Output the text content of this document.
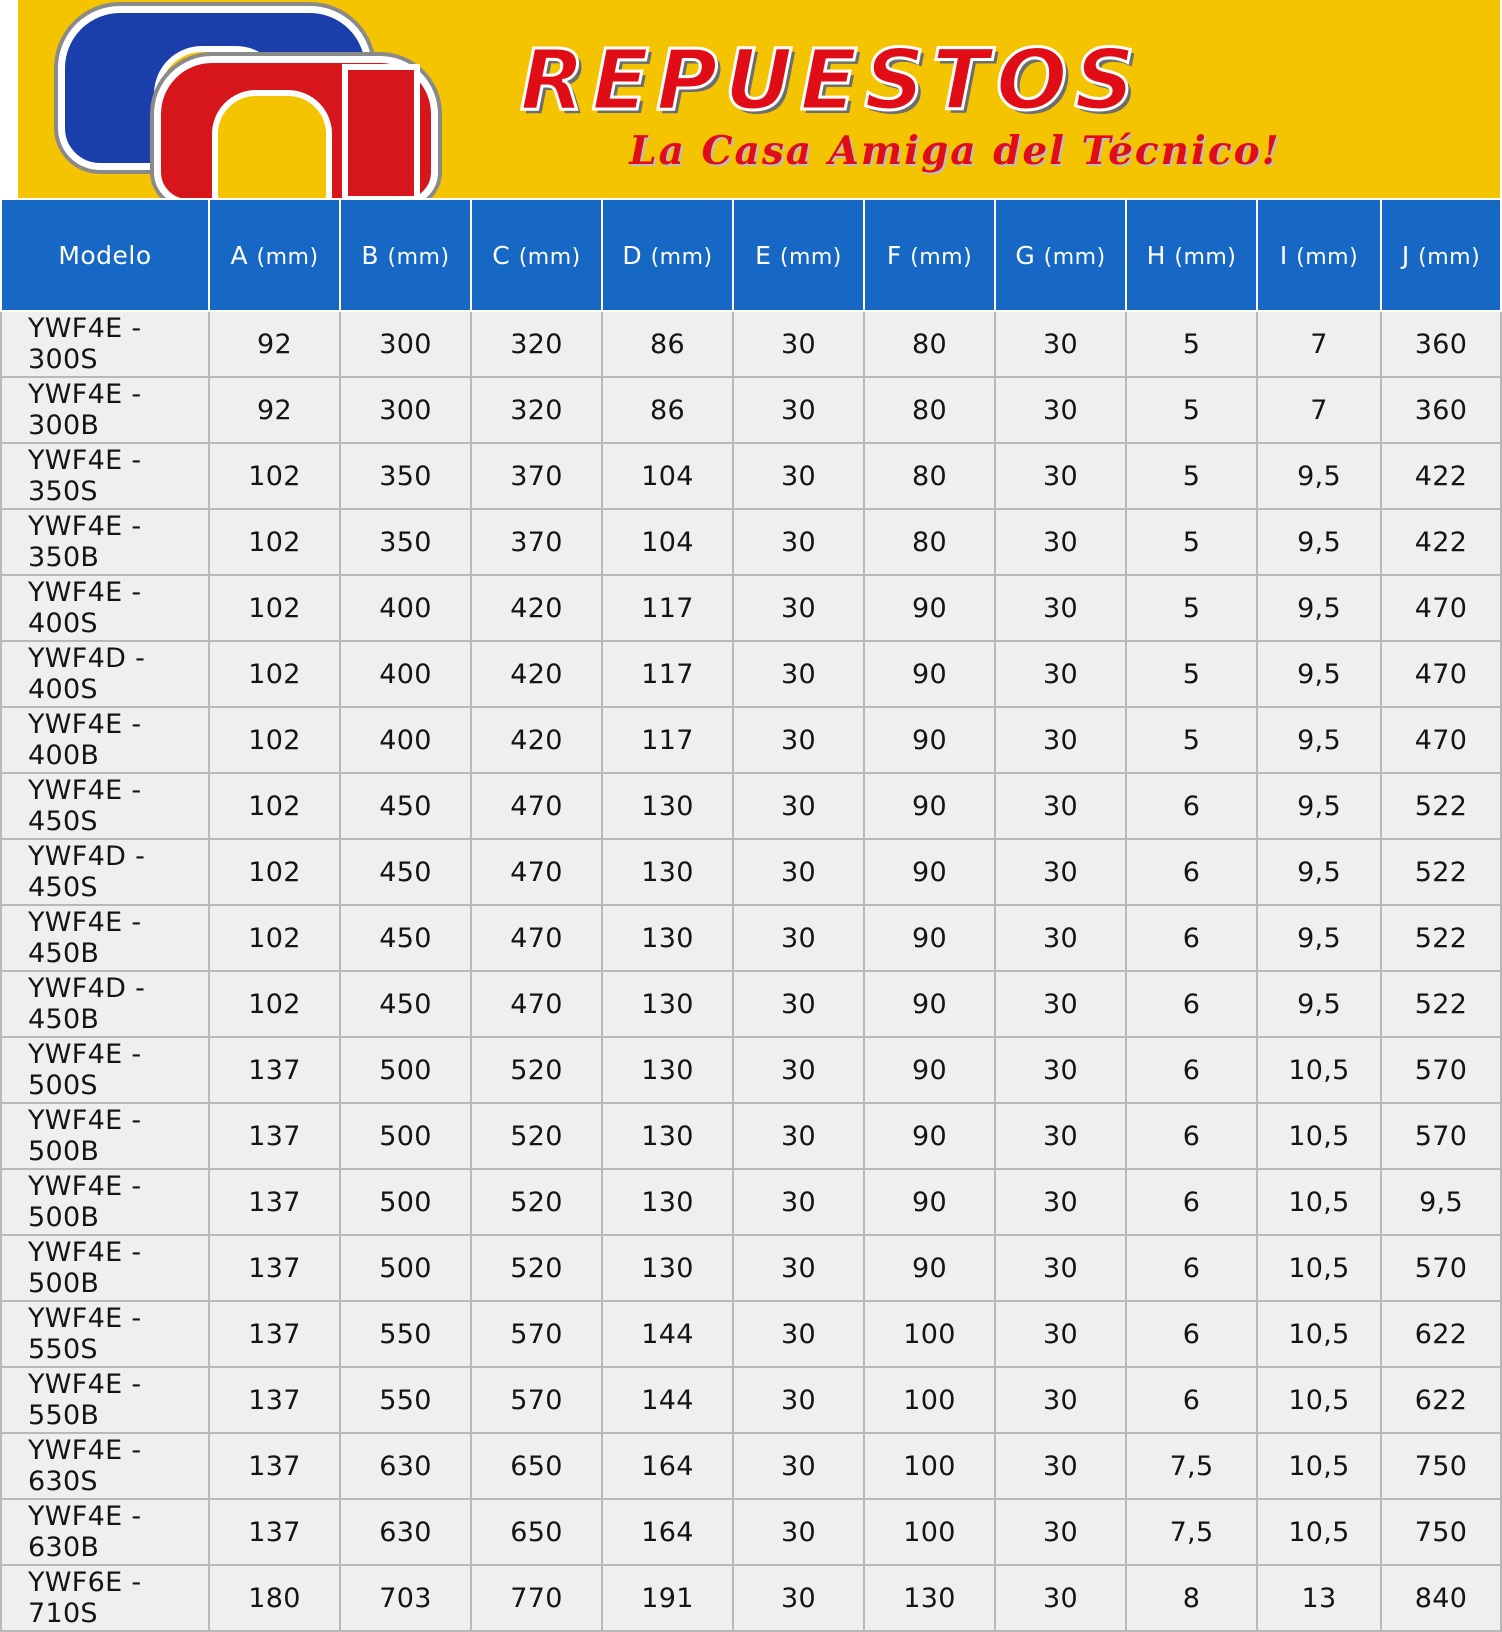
REPUESTOS
La Casa Amiga del Técnico!
Modelo	A (mm)	B (mm)	C (mm)	D (mm)	E (mm)	F (mm)	G (mm)	H (mm)	I (mm)	J (mm)
YWF4E - 300S	92	300	320	86	30	80	30	5	7	360
YWF4E - 300B	92	300	320	86	30	80	30	5	7	360
YWF4E - 350S	102	350	370	104	30	80	30	5	9,5	422
YWF4E - 350B	102	350	370	104	30	80	30	5	9,5	422
YWF4E - 400S	102	400	420	117	30	90	30	5	9,5	470
YWF4D - 400S	102	400	420	117	30	90	30	5	9,5	470
YWF4E - 400B	102	400	420	117	30	90	30	5	9,5	470
YWF4E - 450S	102	450	470	130	30	90	30	6	9,5	522
YWF4D - 450S	102	450	470	130	30	90	30	6	9,5	522
YWF4E - 450B	102	450	470	130	30	90	30	6	9,5	522
YWF4D - 450B	102	450	470	130	30	90	30	6	9,5	522
YWF4E - 500S	137	500	520	130	30	90	30	6	10,5	570
YWF4E - 500B	137	500	520	130	30	90	30	6	10,5	570
YWF4E - 500B	137	500	520	130	30	90	30	6	10,5	9,5
YWF4E - 500B	137	500	520	130	30	90	30	6	10,5	570
YWF4E - 550S	137	550	570	144	30	100	30	6	10,5	622
YWF4E - 550B	137	550	570	144	30	100	30	6	10,5	622
YWF4E - 630S	137	630	650	164	30	100	30	7,5	10,5	750
YWF4E - 630B	137	630	650	164	30	100	30	7,5	10,5	750
YWF6E - 710S	180	703	770	191	30	130	30	8	13	840
